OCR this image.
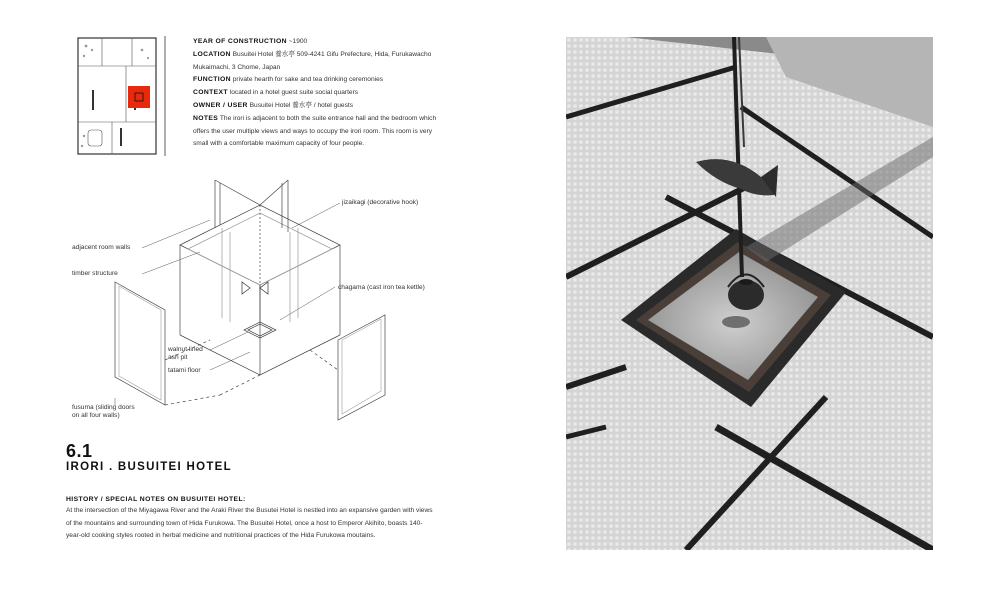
YEAR OF CONSTRUCTION ~1900
LOCATION Busuitei Hotel 養水亭 509-4241 Gifu Prefecture, Hida, Furukawacho Mukaimachi, 3 Chome, Japan
FUNCTION private hearth for sake and tea drinking ceremonies
CONTEXT located in a hotel guest suite social quarters
OWNER / USER Busuitei Hotel 養水亭 / hotel guests
NOTES The irori is adjacent to both the suite entrance hall and the bedroom which offers the user multiple views and ways to occupy the irori room. This room is very small with a comfortable maximum capacity of four people.
jizaikagi (decorative hook)
adjacent room walls
timber structure
chagama (cast iron tea kettle)
walnut lined
ash pit
tatami floor
fusuma (sliding doors
on all four walls)
6.1
IRORI . BUSUITEI HOTEL
HISTORY / SPECIAL NOTES ON BUSUITEI HOTEL:
At the intersection of the Miyagawa River and the Araki River the Busutei Hotel is nestled into an expansive garden with views of the mountains and surrounding town of Hida Furukowa. The Busuitei Hotel, once a host to Emperor Akihito, boasts 140-year-old cooking styles rooted in herbal medicine and nutritional practices of the Hida Furukowa moutains.
